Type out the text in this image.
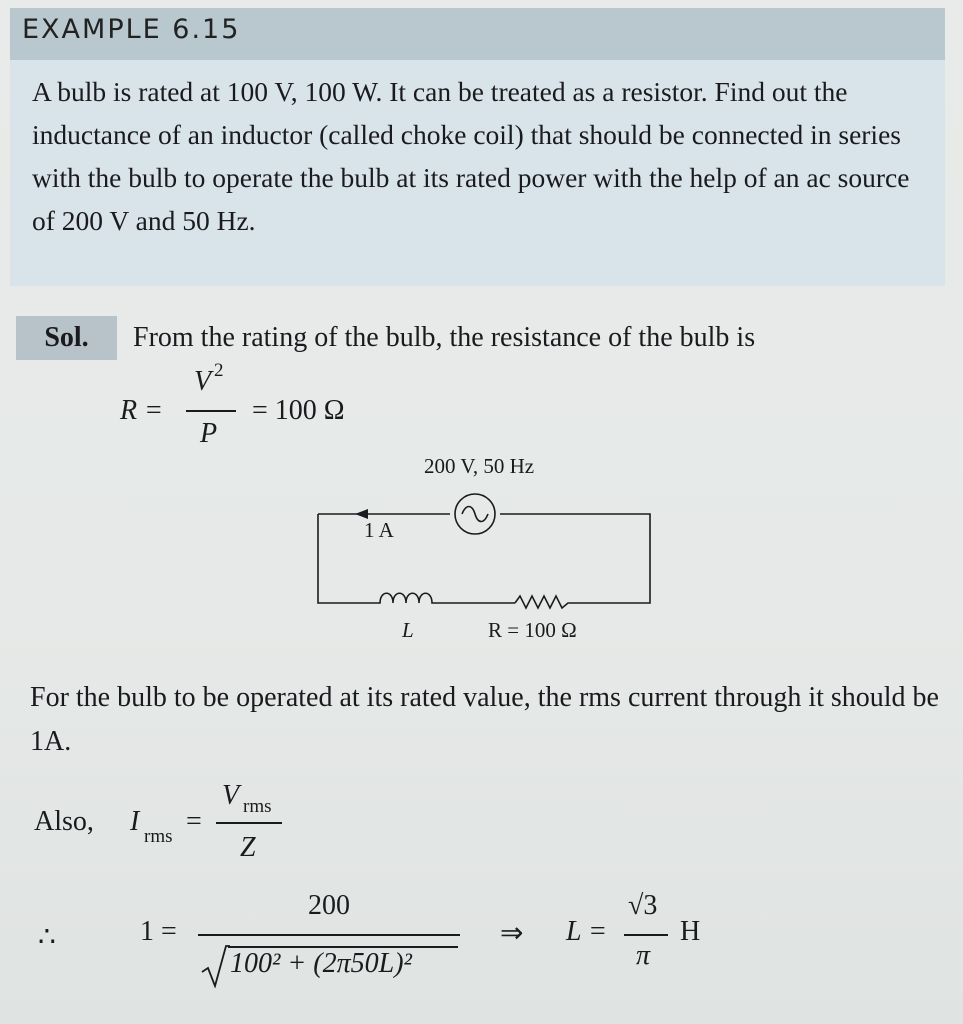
EXAMPLE 6.15

A bulb is rated at 100 V, 100 W. It can be treated as a resistor. Find out the inductance of an inductor (called choke coil) that should be connected in series with the bulb to operate the bulb at its rated power with the help of an ac source of 200 V and 50 Hz.

Sol.	From the rating of the bulb, the resistance of the bulb is
R =
V 2
P
= 100 Ω
200 V, 50 Hz
1 A
L	R = 100 Ω
For the bulb to be operated at its rated value, the rms current through it should be 1A.
Also, I rms =
V rms
Z
∴	1 =
200
100² + (2π50L)²
⇒ L =
√3
π
H
